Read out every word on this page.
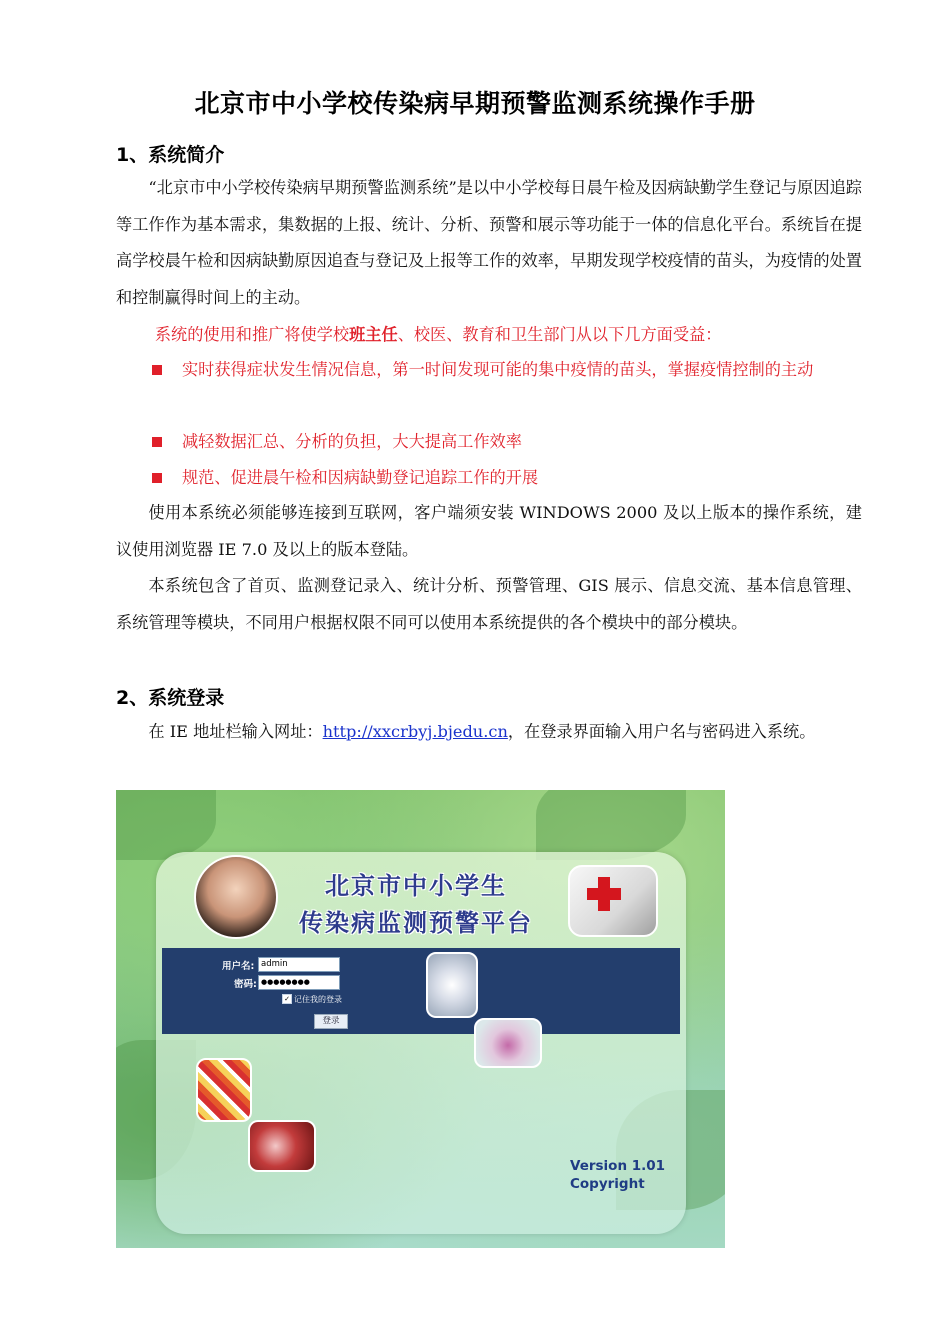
北京市中小学校传染病早期预警监测系统操作手册
1、系统简介

“北京市中小学校传染病早期预警监测系统”是以中小学校每日晨午检及因病缺勤学生登记与原因追踪等工作作为基本需求，集数据的上报、统计、分析、预警和展示等功能于一体的信息化平台。系统旨在提高学校晨午检和因病缺勤原因追查与登记及上报等工作的效率，早期发现学校疫情的苗头，为疫情的处置和控制赢得时间上的主动。

系统的使用和推广将使学校班主任、校医、教育和卫生部门从以下几方面受益：

实时获得症状发生情况信息，第一时间发现可能的集中疫情的苗头，掌握疫情控制的主动

减轻数据汇总、分析的负担，大大提高工作效率

规范、促进晨午检和因病缺勤登记追踪工作的开展

使用本系统必须能够连接到互联网，客户端须安装 WINDOWS 2000 及以上版本的操作系统，建议使用浏览器 IE 7.0 及以上的版本登陆。

本系统包含了首页、监测登记录入、统计分析、预警管理、GIS 展示、信息交流、基本信息管理、系统管理等模块，不同用户根据权限不同可以使用本系统提供的各个模块中的部分模块。

2、系统登录

在 IE 地址栏输入网址：http://xxcrbyj.bjedu.cn，在登录界面输入用户名与密码进入系统。

北京市中小学生
传染病监测预警平台
用户名: admin
密码: ●●●●●●●●
✓ 记住我的登录
登录
Version 1.01
Copyright
